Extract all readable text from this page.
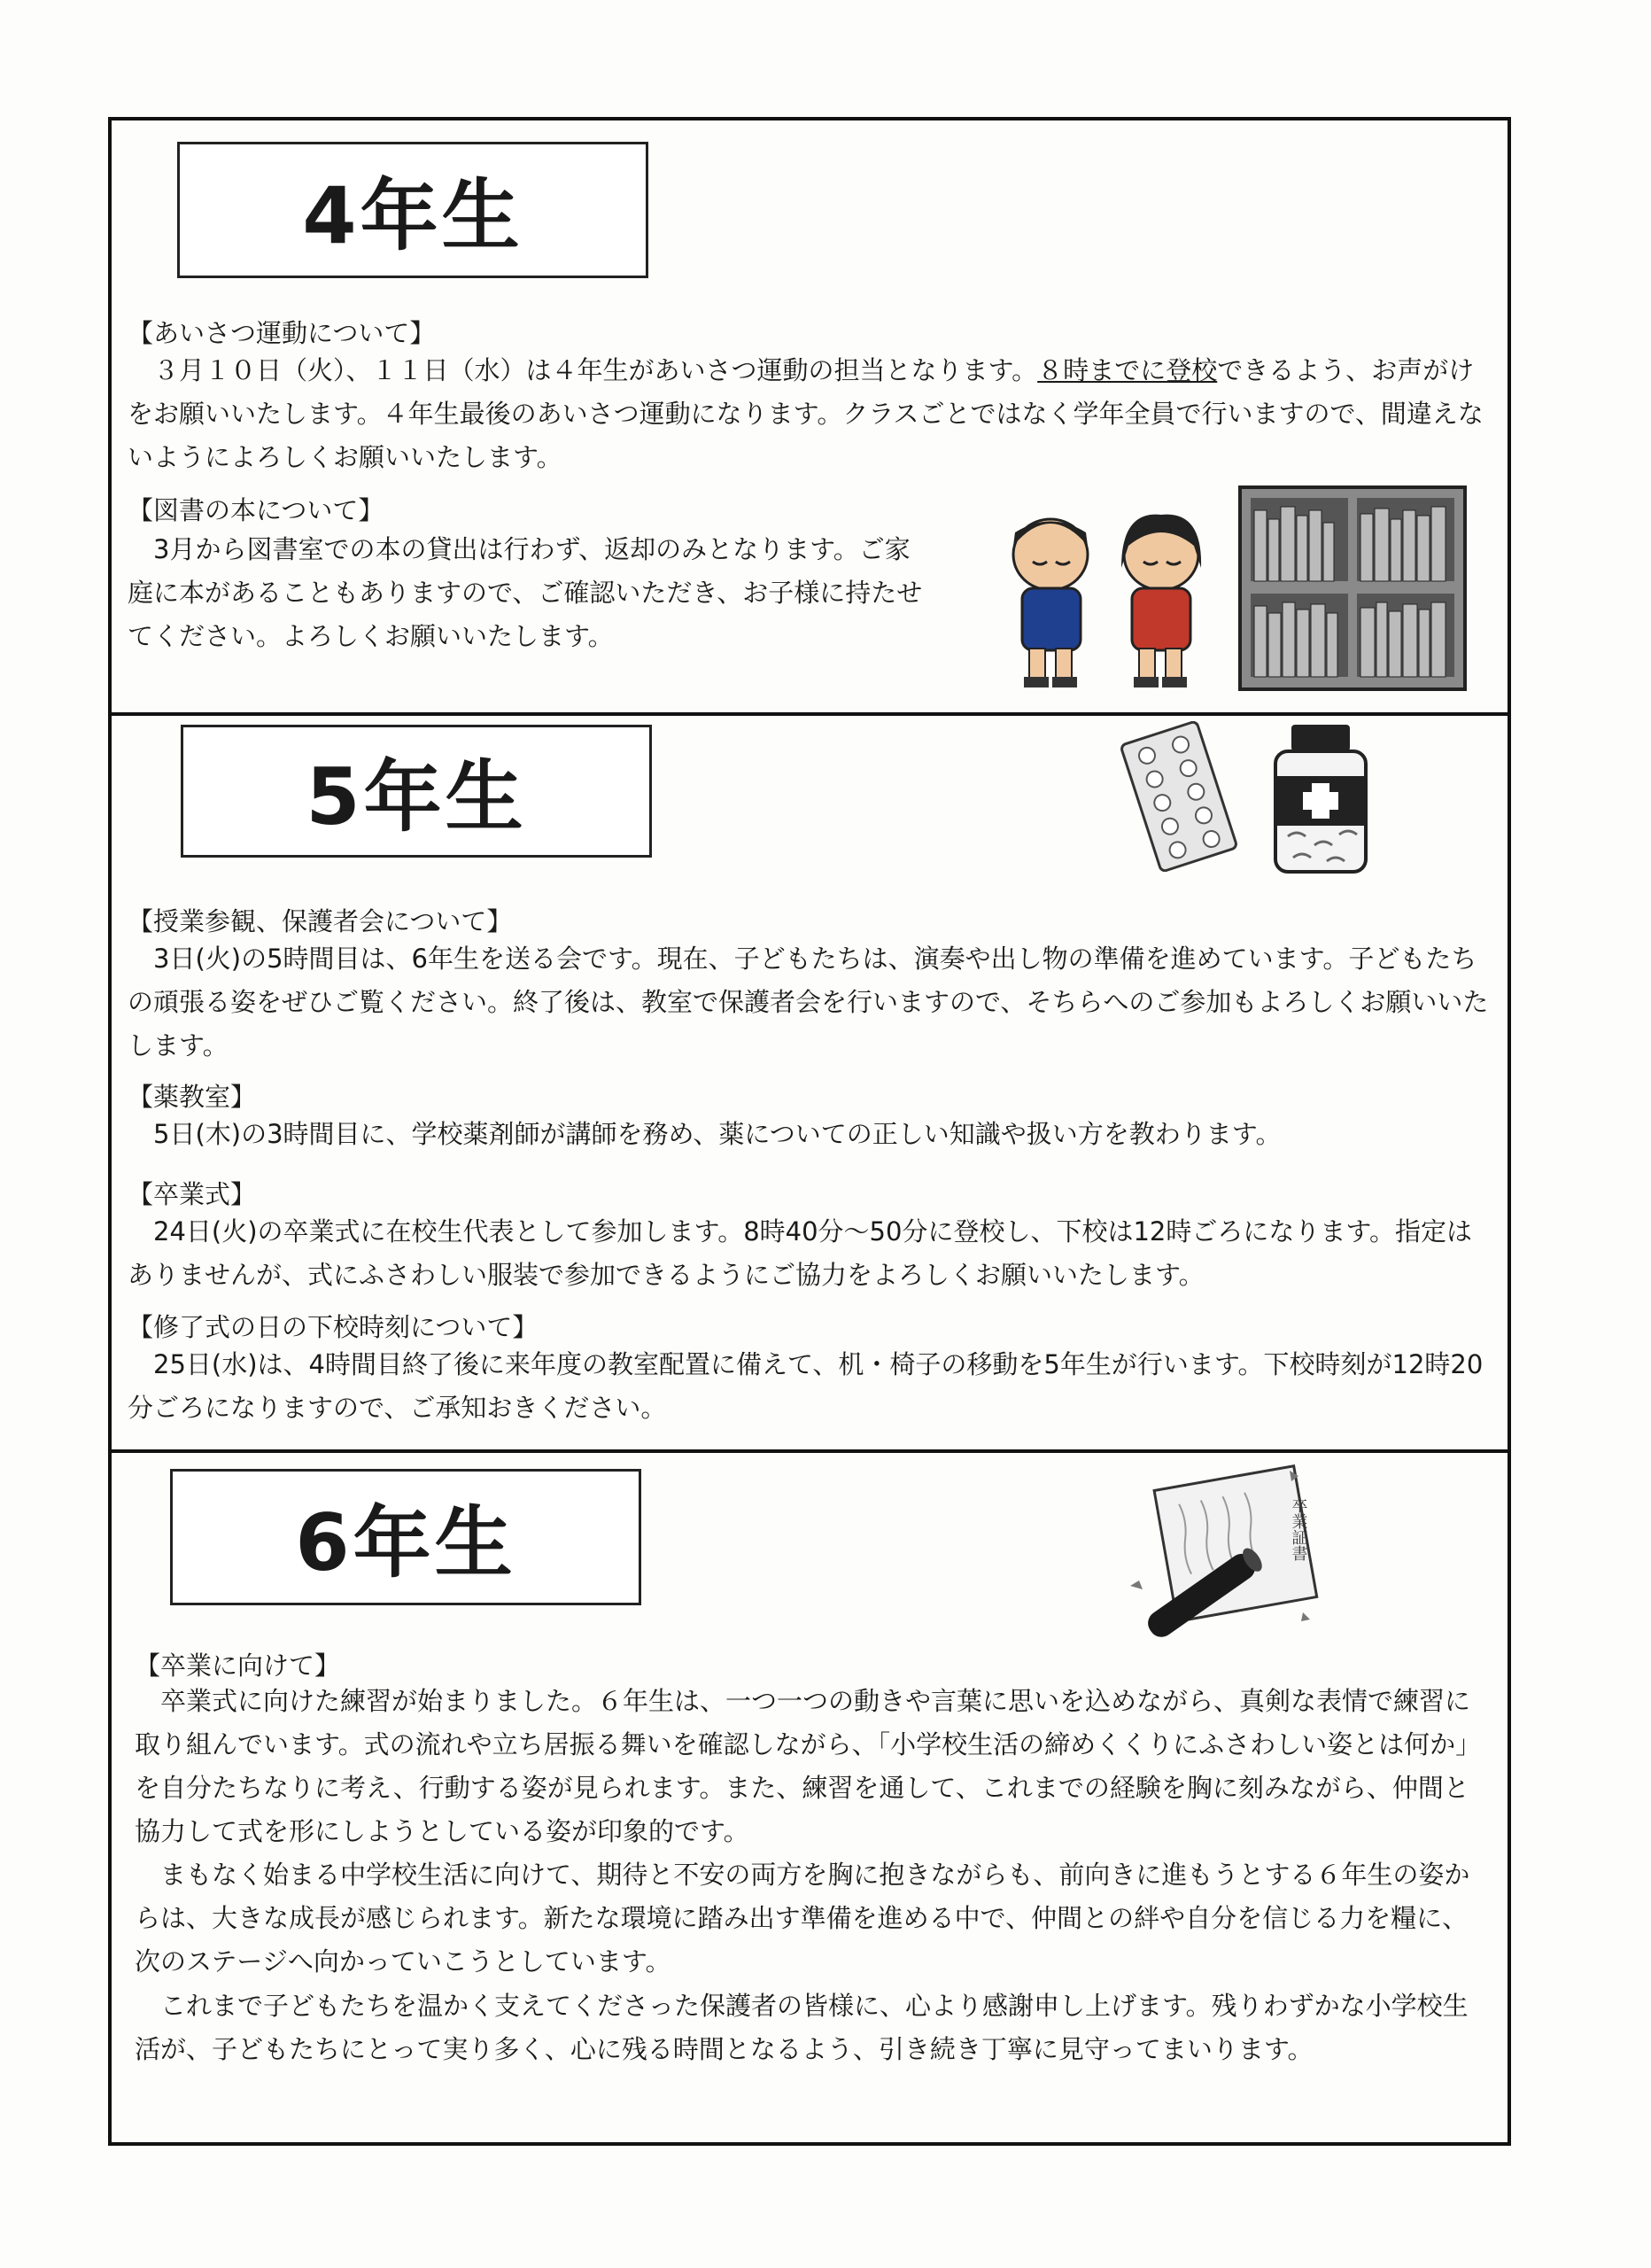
4年生
【あいさつ運動について】

３月１０日（火）、１１日（水）は４年生があいさつ運動の担当となります。８時までに登校できるよう、お声がけをお願いいたします。４年生最後のあいさつ運動になります。クラスごとではなく学年全員で行いますので、間違えないようによろしくお願いいたします。

【図書の本について】

3月から図書室での本の貸出は行わず、返却のみとなります。ご家庭に本があることもありますので、ご確認いただき、お子様に持たせてください。よろしくお願いいたします。

5年生
【授業参観、保護者会について】

3日(火)の5時間目は、6年生を送る会です。現在、子どもたちは、演奏や出し物の準備を進めています。子どもたちの頑張る姿をぜひご覧ください。終了後は、教室で保護者会を行いますので、そちらへのご参加もよろしくお願いいたします。

【薬教室】

5日(木)の3時間目に、学校薬剤師が講師を務め、薬についての正しい知識や扱い方を教わります。

【卒業式】

24日(火)の卒業式に在校生代表として参加します。8時40分～50分に登校し、下校は12時ごろになります。指定はありませんが、式にふさわしい服装で参加できるようにご協力をよろしくお願いいたします。

【修了式の日の下校時刻について】

25日(水)は、4時間目終了後に来年度の教室配置に備えて、机・椅子の移動を5年生が行います。下校時刻が12時20分ごろになりますので、ご承知おきください。

6年生	卒業証書
【卒業に向けて】

卒業式に向けた練習が始まりました。６年生は、一つ一つの動きや言葉に思いを込めながら、真剣な表情で練習に取り組んでいます。式の流れや立ち居振る舞いを確認しながら、「小学校生活の締めくくりにふさわしい姿とは何か」を自分たちなりに考え、行動する姿が見られます。また、練習を通して、これまでの経験を胸に刻みながら、仲間と協力して式を形にしようとしている姿が印象的です。

まもなく始まる中学校生活に向けて、期待と不安の両方を胸に抱きながらも、前向きに進もうとする６年生の姿からは、大きな成長が感じられます。新たな環境に踏み出す準備を進める中で、仲間との絆や自分を信じる力を糧に、次のステージへ向かっていこうとしています。

これまで子どもたちを温かく支えてくださった保護者の皆様に、心より感謝申し上げます。残りわずかな小学校生活が、子どもたちにとって実り多く、心に残る時間となるよう、引き続き丁寧に見守ってまいります。
